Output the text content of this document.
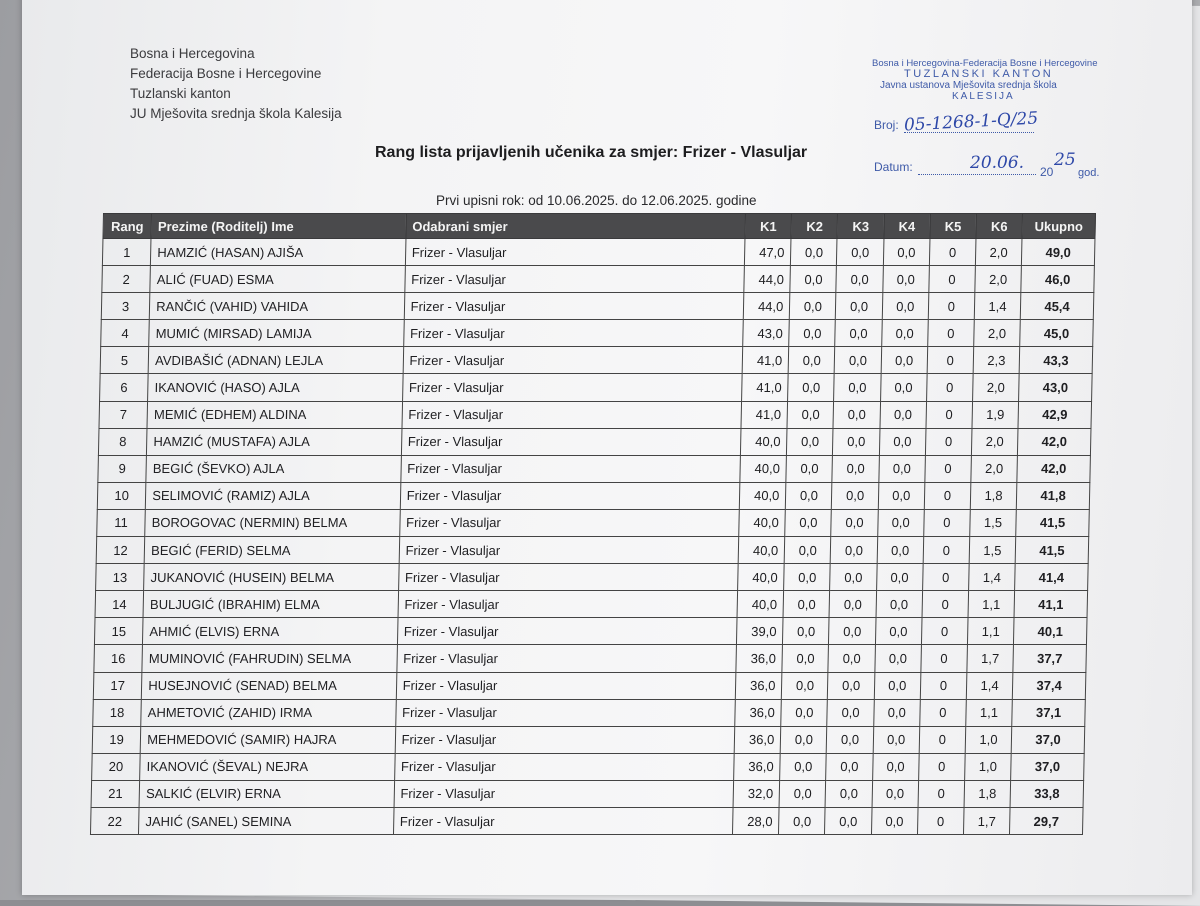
Bosna i Hercegovina
Federacija Bosne i Hercegovine
Tuzlanski kanton
JU Mješovita srednja škola Kalesija
Bosna i Hercegovina-Federacija Bosne i Hercegovine
TUZLANSKI KANTON
Javna ustanova Mješovita srednja škola
KALESIJA
Broj: 05-1268-1-Q/25
Datum:	20.06. 20
25
god.
Rang lista prijavljenih učenika za smjer: Frizer - Vlasuljar
Prvi upisni rok: od 10.06.2025. do 12.06.2025. godine
Rang	Prezime (Roditelj) Ime	Odabrani smjer	K1	K2	K3	K4	K5	K6	Ukupno
1	HAMZIĆ (HASAN) AJIŠA	Frizer - Vlasuljar	47,0	0,0	0,0	0,0	0	2,0	49,0
2	ALIĆ (FUAD) ESMA	Frizer - Vlasuljar	44,0	0,0	0,0	0,0	0	2,0	46,0
3	RANČIĆ (VAHID) VAHIDA	Frizer - Vlasuljar	44,0	0,0	0,0	0,0	0	1,4	45,4
4	MUMIĆ (MIRSAD) LAMIJA	Frizer - Vlasuljar	43,0	0,0	0,0	0,0	0	2,0	45,0
5	AVDIBAŠIĆ (ADNAN) LEJLA	Frizer - Vlasuljar	41,0	0,0	0,0	0,0	0	2,3	43,3
6	IKANOVIĆ (HASO) AJLA	Frizer - Vlasuljar	41,0	0,0	0,0	0,0	0	2,0	43,0
7	MEMIĆ (EDHEM) ALDINA	Frizer - Vlasuljar	41,0	0,0	0,0	0,0	0	1,9	42,9
8	HAMZIĆ (MUSTAFA) AJLA	Frizer - Vlasuljar	40,0	0,0	0,0	0,0	0	2,0	42,0
9	BEGIĆ (ŠEVKO) AJLA	Frizer - Vlasuljar	40,0	0,0	0,0	0,0	0	2,0	42,0
10	SELIMOVIĆ (RAMIZ) AJLA	Frizer - Vlasuljar	40,0	0,0	0,0	0,0	0	1,8	41,8
11	BOROGOVAC (NERMIN) BELMA	Frizer - Vlasuljar	40,0	0,0	0,0	0,0	0	1,5	41,5
12	BEGIĆ (FERID) SELMA	Frizer - Vlasuljar	40,0	0,0	0,0	0,0	0	1,5	41,5
13	JUKANOVIĆ (HUSEIN) BELMA	Frizer - Vlasuljar	40,0	0,0	0,0	0,0	0	1,4	41,4
14	BULJUGIĆ (IBRAHIM) ELMA	Frizer - Vlasuljar	40,0	0,0	0,0	0,0	0	1,1	41,1
15	AHMIĆ (ELVIS) ERNA	Frizer - Vlasuljar	39,0	0,0	0,0	0,0	0	1,1	40,1
16	MUMINOVIĆ (FAHRUDIN) SELMA	Frizer - Vlasuljar	36,0	0,0	0,0	0,0	0	1,7	37,7
17	HUSEJNOVIĆ (SENAD) BELMA	Frizer - Vlasuljar	36,0	0,0	0,0	0,0	0	1,4	37,4
18	AHMETOVIĆ (ZAHID) IRMA	Frizer - Vlasuljar	36,0	0,0	0,0	0,0	0	1,1	37,1
19	MEHMEDOVIĆ (SAMIR) HAJRA	Frizer - Vlasuljar	36,0	0,0	0,0	0,0	0	1,0	37,0
20	IKANOVIĆ (ŠEVAL) NEJRA	Frizer - Vlasuljar	36,0	0,0	0,0	0,0	0	1,0	37,0
21	SALKIĆ (ELVIR) ERNA	Frizer - Vlasuljar	32,0	0,0	0,0	0,0	0	1,8	33,8
22	JAHIĆ (SANEL) SEMINA	Frizer - Vlasuljar	28,0	0,0	0,0	0,0	0	1,7	29,7
